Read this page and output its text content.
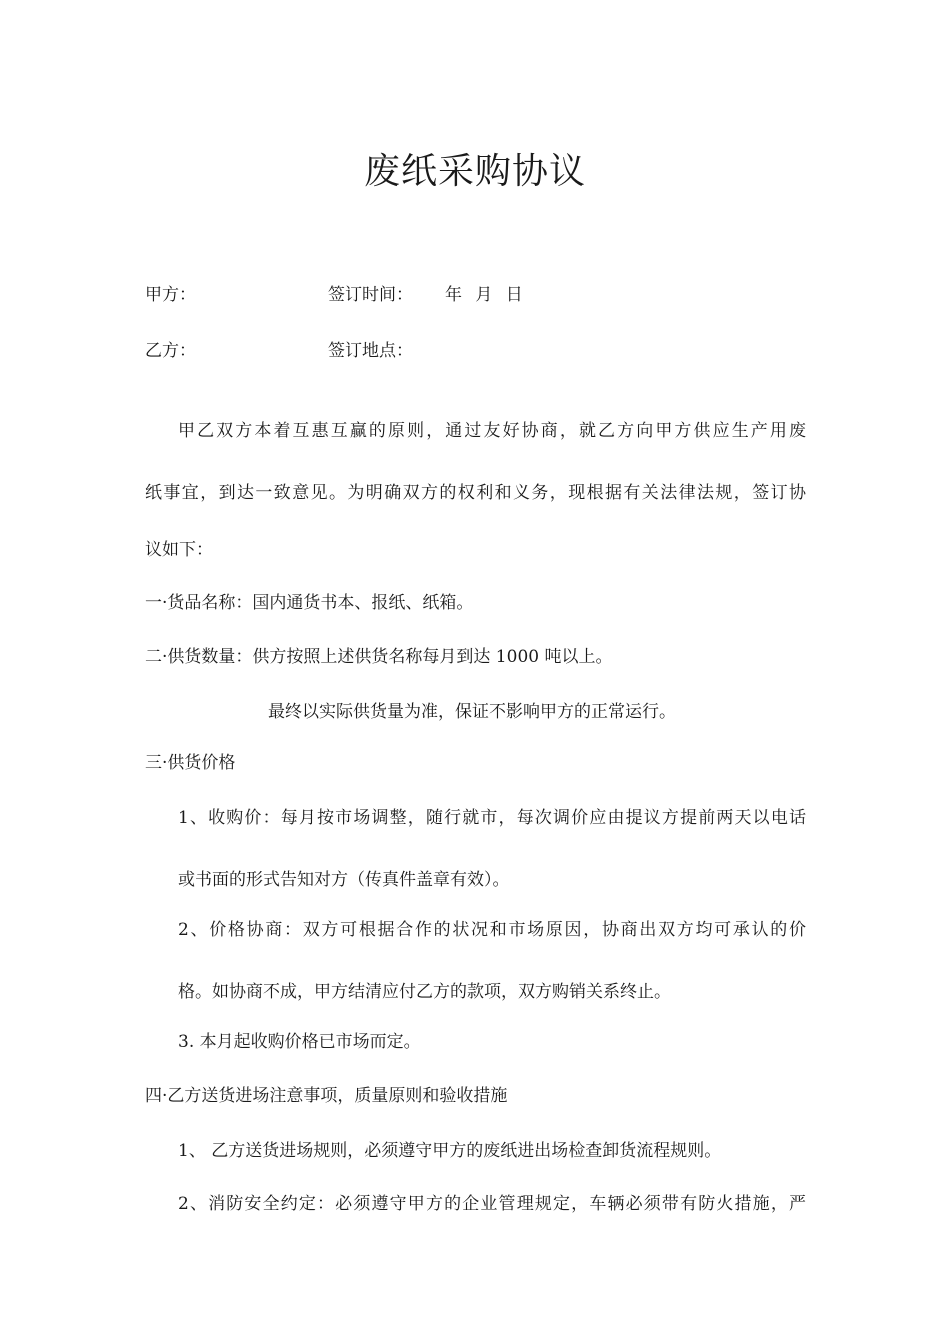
废纸采购协议
甲方：	签订时间： 年 月 日
乙方：	签订地点：
甲乙双方本着互惠互赢的原则，通过友好协商，就乙方向甲方供应生产用废
纸事宜，到达一致意见。为明确双方的权利和义务，现根据有关法律法规，签订协
议如下：
一·货品名称：国内通货书本、报纸、纸箱。
二·供货数量：供方按照上述供货名称每月到达 1000 吨以上。
最终以实际供货量为准，保证不影响甲方的正常运行。
三·供货价格
1、收购价：每月按市场调整，随行就市，每次调价应由提议方提前两天以电话
或书面的形式告知对方（传真件盖章有效）。
2、价格协商：双方可根据合作的状况和市场原因，协商出双方均可承认的价
格。如协商不成，甲方结清应付乙方的款项，双方购销关系终止。
3. 本月起收购价格已市场而定。
四·乙方送货进场注意事项，质量原则和验收措施
1、 乙方送货进场规则，必须遵守甲方的废纸进出场检查卸货流程规则。
2、消防安全约定：必须遵守甲方的企业管理规定，车辆必须带有防火措施，严
